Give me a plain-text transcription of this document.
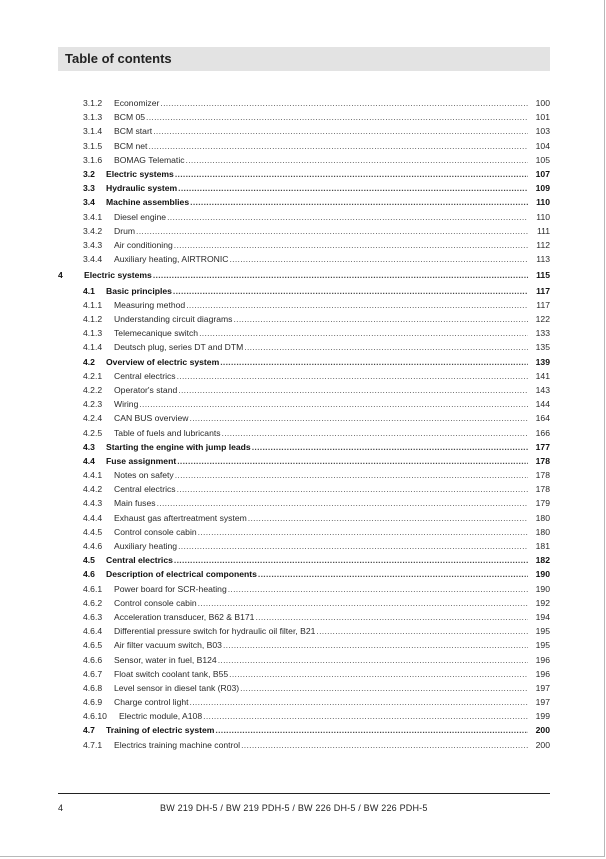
Table of contents
3.1.2 Economizer .....	100
3.1.3 BCM 05 .....	101
3.1.4 BCM start .....	103
3.1.5 BCM net .....	104
3.1.6 BOMAG Telematic .....	105
3.2 Electric systems .....	107
3.3 Hydraulic system .....	109
3.4 Machine assemblies .....	110
3.4.1 Diesel engine .....	110
3.4.2 Drum .....	111
3.4.3 Air conditioning .....	112
3.4.4 Auxiliary heating, AIRTRONIC .....	113
4 Electric systems .....	115
4.1 Basic principles .....	117
4.1.1 Measuring method .....	117
4.1.2 Understanding circuit diagrams .....	122
4.1.3 Telemecanique switch .....	133
4.1.4 Deutsch plug, series DT and DTM .....	135
4.2 Overview of electric system .....	139
4.2.1 Central electrics .....	141
4.2.2 Operator's stand .....	143
4.2.3 Wiring .....	144
4.2.4 CAN BUS overview .....	164
4.2.5 Table of fuels and lubricants .....	166
4.3 Starting the engine with jump leads .....	177
4.4 Fuse assignment .....	178
4.4.1 Notes on safety .....	178
4.4.2 Central electrics .....	178
4.4.3 Main fuses .....	179
4.4.4 Exhaust gas aftertreatment system .....	180
4.4.5 Control console cabin .....	180
4.4.6 Auxiliary heating .....	181
4.5 Central electrics .....	182
4.6 Description of electrical components .....	190
4.6.1 Power board for SCR-heating .....	190
4.6.2 Control console cabin .....	192
4.6.3 Acceleration transducer, B62 & B171 .....	194
4.6.4 Differential pressure switch for hydraulic oil filter, B21 .....	195
4.6.5 Air filter vacuum switch, B03 .....	195
4.6.6 Sensor, water in fuel, B124 .....	196
4.6.7 Float switch coolant tank, B55 .....	196
4.6.8 Level sensor in diesel tank (R03) .....	197
4.6.9 Charge control light .....	197
4.6.10 Electric module, A108 .....	199
4.7 Training of electric system .....	200
4.7.1 Electrics training machine control .....	200
4	BW 219 DH-5 / BW 219 PDH-5 / BW 226 DH-5 / BW 226 PDH-5
